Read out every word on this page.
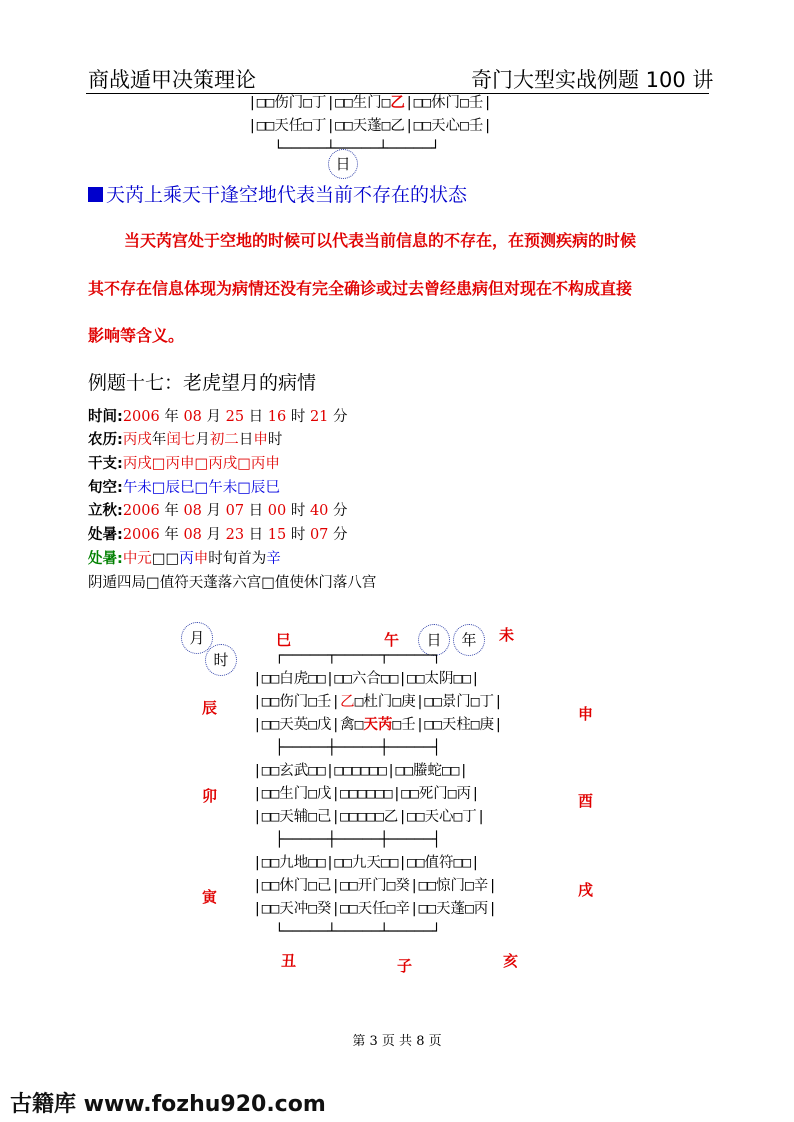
商战遁甲决策理论	奇门大型实战例题 100 讲
|□□伤门□丁|□□生门□乙|□□休门□壬|
|□□天任□丁|□□天蓬□乙|□□天心□壬|
└─────┴─────┴─────┘
日
天芮上乘天干逢空地代表当前不存在的状态
当天芮宫处于空地的时候可以代表当前信息的不存在，在预测疾病的时候
其不存在信息体现为病情还没有完全确诊或过去曾经患病但对现在不构成直接
影响等含义。
例题十七：老虎望月的病情
时间:2006 年 08 月 25 日 16 时 21 分
农历:丙戌年闰七月初二日申时
干支:丙戌□丙申□丙戌□丙申
旬空:午未□辰巳□午未□辰巳
立秋:2006 年 08 月 07 日 00 时 40 分
处暑:2006 年 08 月 23 日 15 时 07 分
处暑:中元□□丙申时旬首为辛
阴遁四局□值符天蓬落六宫□值使休门落八宫
月
时
日	年
巳	午	未
辰	申
卯	酉
寅	戌
丑	子	亥
┌─────┬─────┬─────┐
|□□白虎□□|□□六合□□|□□太阴□□|
|□□伤门□壬|乙□杜门□庚|□□景门□丁|
|□□天英□戊|禽□天芮□壬|□□天柱□庚|
├─────┼─────┼─────┤
|□□玄武□□|□□□□□□|□□螣蛇□□|
|□□生门□戊|□□□□□□|□□死门□丙|
|□□天辅□己|□□□□□乙|□□天心□丁|
├─────┼─────┼─────┤
|□□九地□□|□□九天□□|□□值符□□|
|□□休门□己|□□开门□癸|□□惊门□辛|
|□□天冲□癸|□□天任□辛|□□天蓬□丙|
└─────┴─────┴─────┘
第 3 页 共 8 页
古籍库 www.fozhu920.com
